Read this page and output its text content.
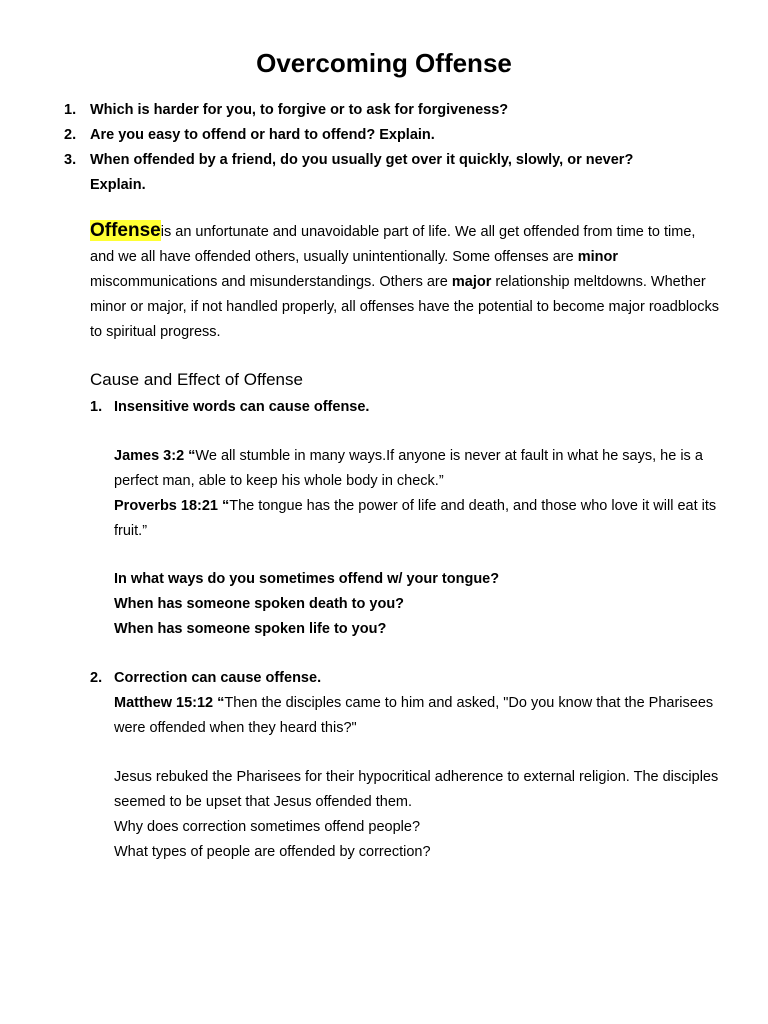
Overcoming Offense
1. Which is harder for you, to forgive or to ask for forgiveness?
2. Are you easy to offend or hard to offend? Explain.
3. When offended by a friend, do you usually get over it quickly, slowly, or never? Explain.
Offenseis an unfortunate and unavoidable part of life. We all get offended from time to time, and we all have offended others, usually unintentionally. Some offenses are minor miscommunications and misunderstandings. Others are major relationship meltdowns. Whether minor or major, if not handled properly, all offenses have the potential to become major roadblocks to spiritual progress.
Cause and Effect of Offense
1. Insensitive words can cause offense.
James 3:2 “We all stumble in many ways.If anyone is never at fault in what he says, he is a perfect man, able to keep his whole body in check.”
Proverbs 18:21 “The tongue has the power of life and death, and those who love it will eat its fruit.”
In what ways do you sometimes offend w/ your tongue?
When has someone spoken death to you?
When has someone spoken life to you?
2. Correction can cause offense.
Matthew 15:12 “Then the disciples came to him and asked, "Do you know that the Pharisees were offended when they heard this?"
Jesus rebuked the Pharisees for their hypocritical adherence to external religion. The disciples seemed to be upset that Jesus offended them.
Why does correction sometimes offend people?
What types of people are offended by correction?
